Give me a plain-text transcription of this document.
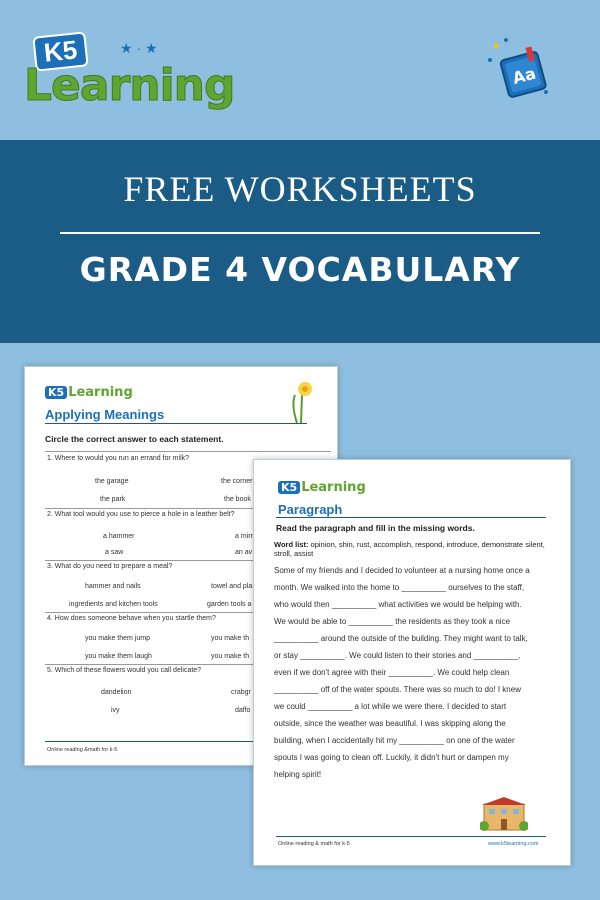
K5	★ · ★
Learning	Aa
FREE WORKSHEETS
GRADE 4 VOCABULARY
K5 Learning
Applying Meanings
Circle the correct answer to each statement.
1. Where to would you run an errand for milk?
the garage	the corner
the park	the book
2. What tool would you use to pierce a hole in a leather belt?
a hammer	a mirr
a saw	an av
3. What do you need to prepare a meal?
hammer and nails	towel and pla
ingredients and kitchen tools	garden tools a
4. How does someone behave when you startle them?
you make them jump	you make th
you make them laugh	you make th
5. Which of these flowers would you call delicate?
dandelion	crabgr
ivy	daffo
Online reading &math for k-5
K5 Learning
Paragraph
Read the paragraph and fill in the missing words.
Word list: opinion, shin, rust, accomplish, respond, introduce, demonstrate silent, stroll, assist
Some of my friends and I decided to volunteer at a nursing home once a
month. We walked into the home to __________ ourselves to the staff,
who would then __________ what activities we would be helping with.
We would be able to __________ the residents as they took a nice
__________ around the outside of the building. They might want to talk,
or stay __________. We could listen to their stories and __________,
even if we don't agree with their __________. We could help clean
__________ off of the water spouts. There was so much to do! I knew
we could __________ a lot while we were there. I decided to start
outside, since the weather was beautiful. I was skipping along the
building, when I accidentally hit my __________ on one of the water
spouts I was going to clean off. Luckily, it didn't hurt or dampen my
helping spirit!
Online reading & math for k-5	www.k5learning.com
